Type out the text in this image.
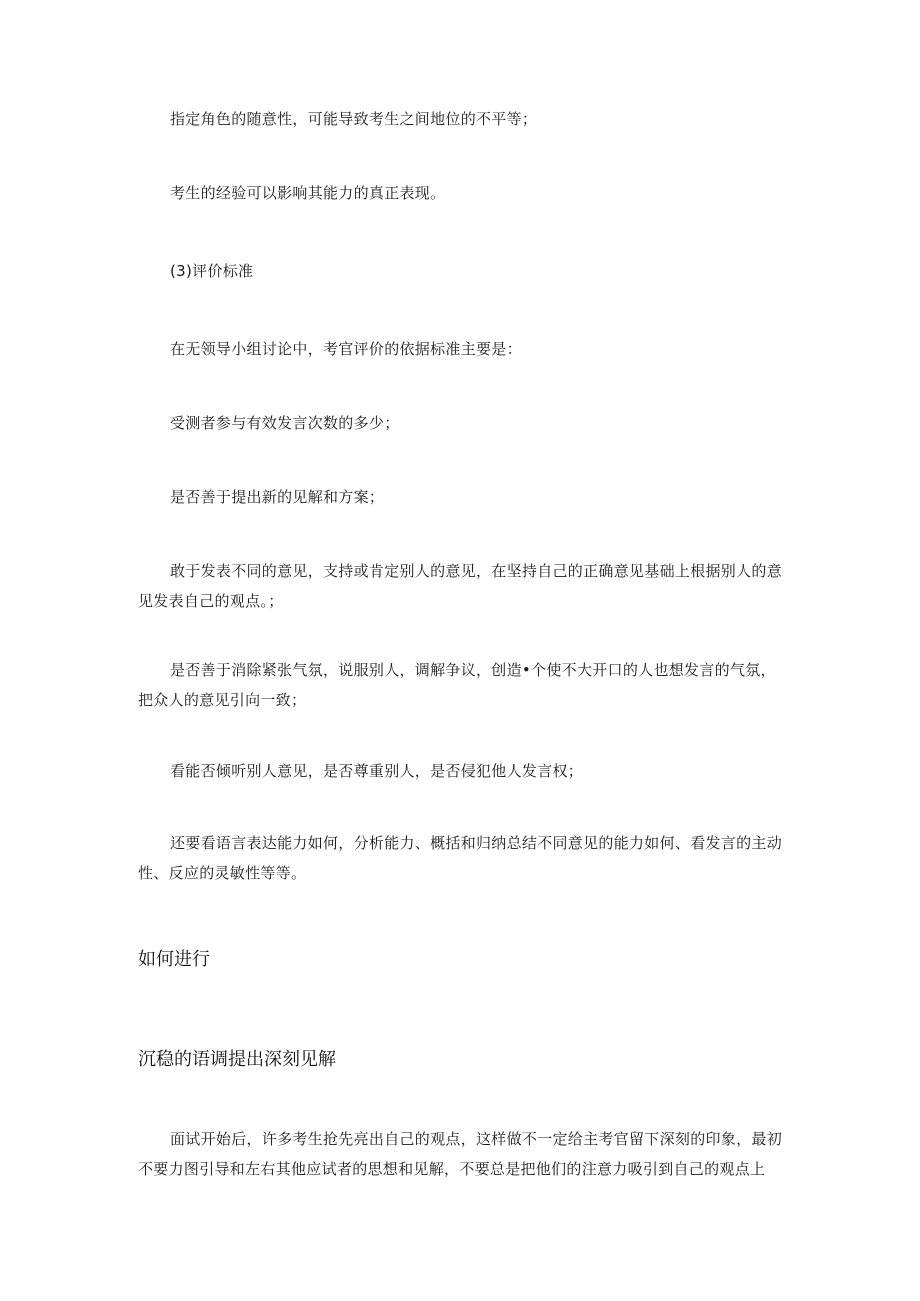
指定角色的随意性，可能导致考生之间地位的不平等；

考生的经验可以影响其能力的真正表现。

(3)评价标准

在无领导小组讨论中，考官评价的依据标准主要是：

受测者参与有效发言次数的多少；

是否善于提出新的见解和方案；

敢于发表不同的意见，支持或肯定别人的意见，在坚持自己的正确意见基础上根据别人的意见发表自己的观点。；

是否善于消除紧张气氛，说服别人，调解争议，创造•个使不大开口的人也想发言的气氛，把众人的意见引向一致；

看能否倾听别人意见，是否尊重别人，是否侵犯他人发言权；

还要看语言表达能力如何，分析能力、概括和归纳总结不同意见的能力如何、看发言的主动性、反应的灵敏性等等。

如何进行
沉稳的语调提出深刻见解

面试开始后，许多考生抢先亮出自己的观点，这样做不一定给主考官留下深刻的印象，最初不要力图引导和左右其他应试者的思想和见解，不要总是把他们的注意力吸引到自己的观点上
